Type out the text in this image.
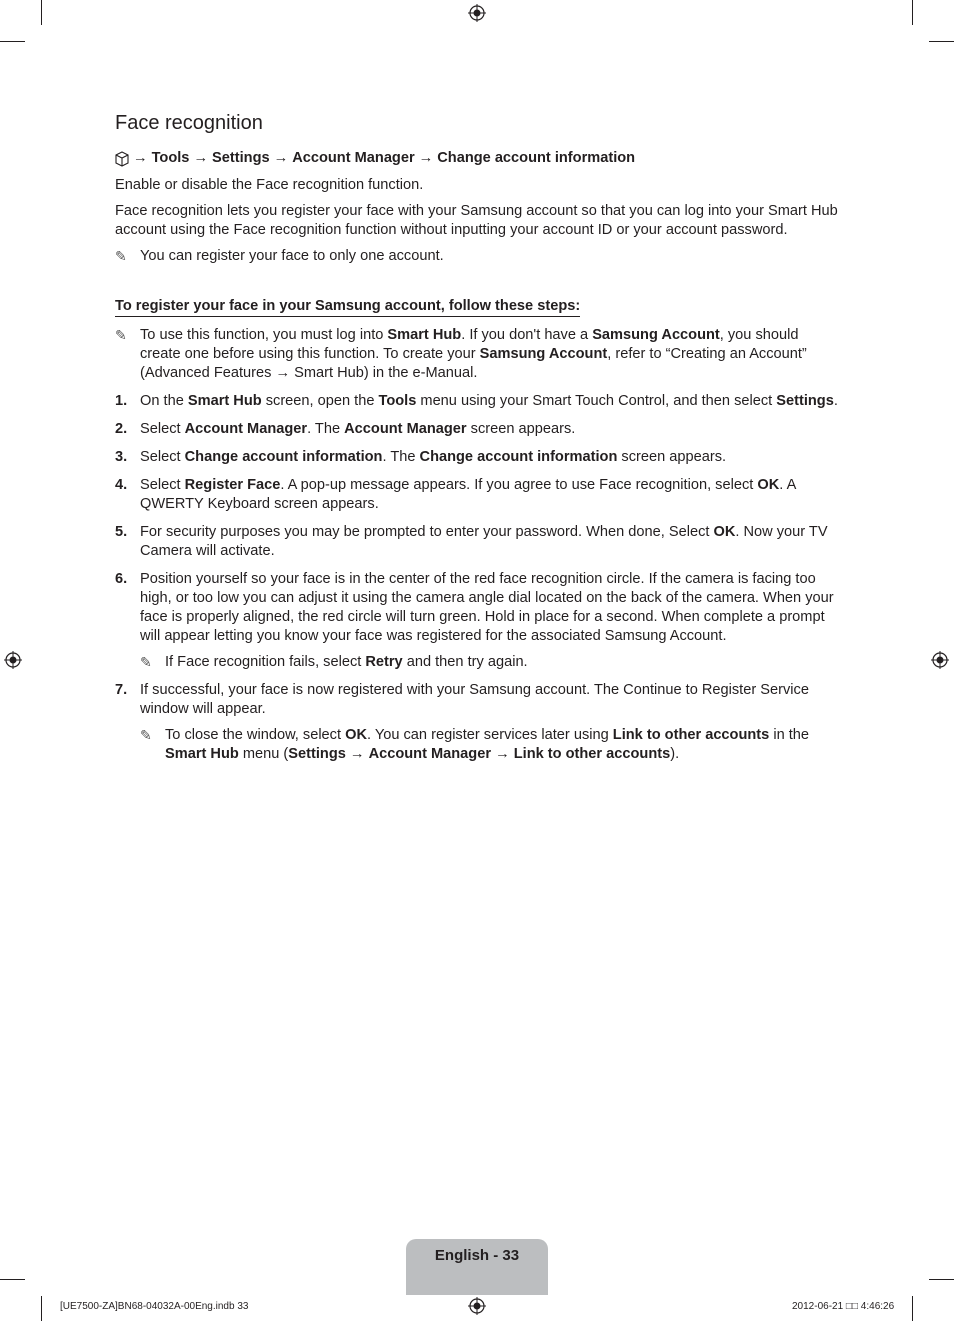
Face recognition
→ Tools → Settings → Account Manager → Change account information

Enable or disable the Face recognition function.

Face recognition lets you register your face with your Samsung account so that you can log into your Smart Hub account using the Face recognition function without inputting your account ID or your account password.

✎ You can register your face to only one account.
To register your face in your Samsung account, follow these steps:
✎ To use this function, you must log into Smart Hub. If you don't have a Samsung Account, you should create one before using this function. To create your Samsung Account, refer to “Creating an Account” (Advanced Features → Smart Hub) in the e-Manual.
1. On the Smart Hub screen, open the Tools menu using your Smart Touch Control, and then select Settings.
2. Select Account Manager. The Account Manager screen appears.
3. Select Change account information. The Change account information screen appears.
4. Select Register Face. A pop-up message appears. If you agree to use Face recognition, select OK. A QWERTY Keyboard screen appears.
5. For security purposes you may be prompted to enter your password. When done, Select OK. Now your TV Camera will activate.
6. Position yourself so your face is in the center of the red face recognition circle. If the camera is facing too high, or too low you can adjust it using the camera angle dial located on the back of the camera. When your face is properly aligned, the red circle will turn green. Hold in place for a second. When complete a prompt will appear letting you know your face was registered for the associated Samsung Account.
✎ If Face recognition fails, select Retry and then try again.
7. If successful, your face is now registered with your Samsung account. The Continue to Register Service window will appear.
✎ To close the window, select OK. You can register services later using Link to other accounts in the Smart Hub menu (Settings → Account Manager → Link to other accounts).
English - 33
[UE7500-ZA]BN68-04032A-00Eng.indb 33	2012-06-21 □□ 4:46:26
